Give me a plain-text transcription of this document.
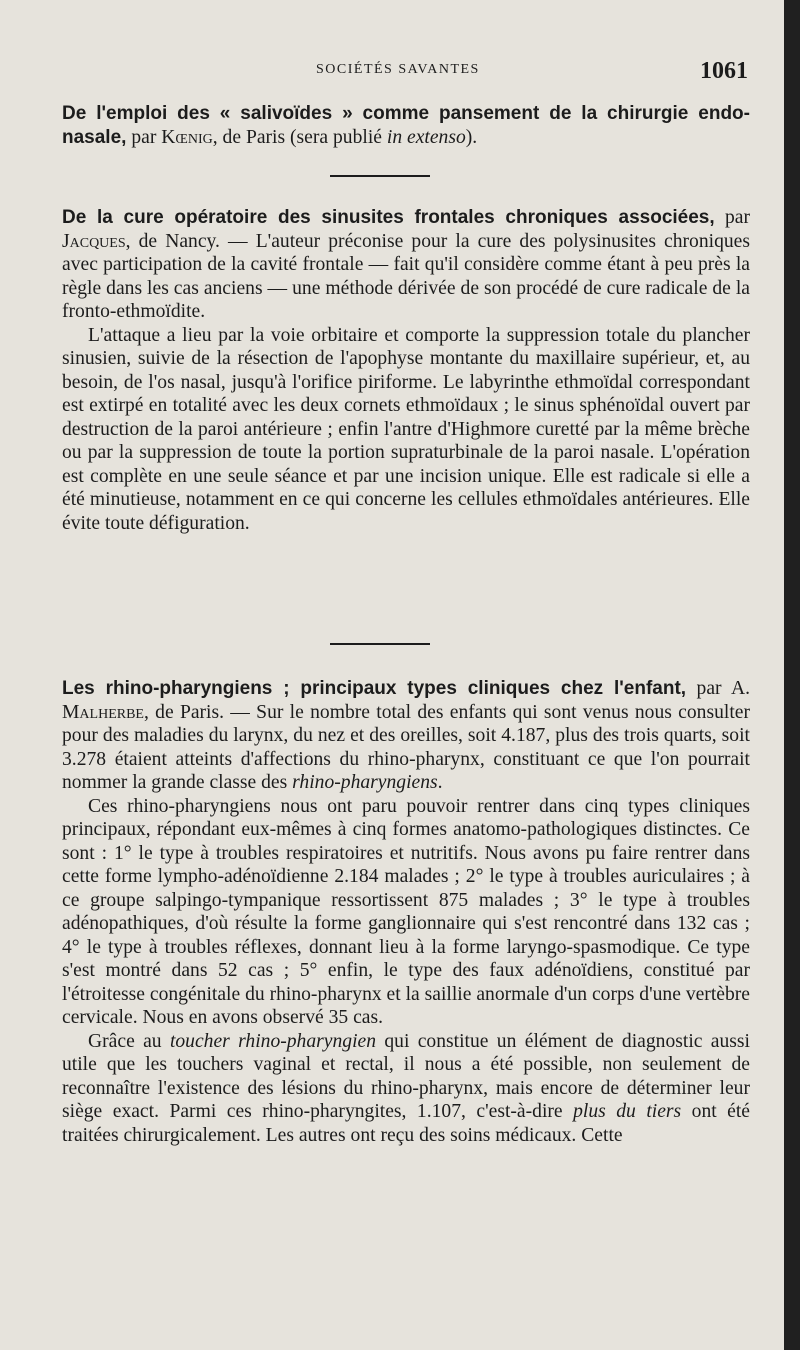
SOCIÉTÉS SAVANTES	1061

De l'emploi des « salivoïdes » comme pansement de la chirurgie endo-nasale, par Kœnig, de Paris (sera publié in extenso).

De la cure opératoire des sinusites frontales chroniques associées, par Jacques, de Nancy. — L'auteur préconise pour la cure des polysinusites chroniques avec participation de la cavité frontale — fait qu'il considère comme étant à peu près la règle dans les cas anciens — une méthode dérivée de son procédé de cure radicale de la fronto-ethmoïdite.

L'attaque a lieu par la voie orbitaire et comporte la suppression totale du plancher sinusien, suivie de la résection de l'apophyse montante du maxillaire supérieur, et, au besoin, de l'os nasal, jusqu'à l'orifice piriforme. Le labyrinthe ethmoïdal correspondant est extirpé en totalité avec les deux cornets ethmoïdaux ; le sinus sphénoïdal ouvert par destruction de la paroi antérieure ; enfin l'antre d'Highmore curetté par la même brèche ou par la suppression de toute la portion supraturbinale de la paroi nasale. L'opération est complète en une seule séance et par une incision unique. Elle est radicale si elle a été minutieuse, notamment en ce qui concerne les cellules ethmoïdales antérieures. Elle évite toute défiguration.

Les rhino-pharyngiens ; principaux types cliniques chez l'enfant, par A. Malherbe, de Paris. — Sur le nombre total des enfants qui sont venus nous consulter pour des maladies du larynx, du nez et des oreilles, soit 4.187, plus des trois quarts, soit 3.278 étaient atteints d'affections du rhino-pharynx, constituant ce que l'on pourrait nommer la grande classe des rhino-pharyngiens.

Ces rhino-pharyngiens nous ont paru pouvoir rentrer dans cinq types cliniques principaux, répondant eux-mêmes à cinq formes anatomo-pathologiques distinctes. Ce sont : 1° le type à troubles respiratoires et nutritifs. Nous avons pu faire rentrer dans cette forme lympho-adénoïdienne 2.184 malades ; 2° le type à troubles auriculaires ; à ce groupe salpingo-tympanique ressortissent 875 malades ; 3° le type à troubles adénopathiques, d'où résulte la forme ganglionnaire qui s'est rencontré dans 132 cas ; 4° le type à troubles réflexes, donnant lieu à la forme laryngo-spasmodique. Ce type s'est montré dans 52 cas ; 5° enfin, le type des faux adénoïdiens, constitué par l'étroitesse congénitale du rhino-pharynx et la saillie anormale d'un corps d'une vertèbre cervicale. Nous en avons observé 35 cas.

Grâce au toucher rhino-pharyngien qui constitue un élément de diagnostic aussi utile que les touchers vaginal et rectal, il nous a été possible, non seulement de reconnaître l'existence des lésions du rhino-pharynx, mais encore de déterminer leur siège exact. Parmi ces rhino-pharyngites, 1.107, c'est-à-dire plus du tiers ont été traitées chirurgicalement. Les autres ont reçu des soins médicaux. Cette
